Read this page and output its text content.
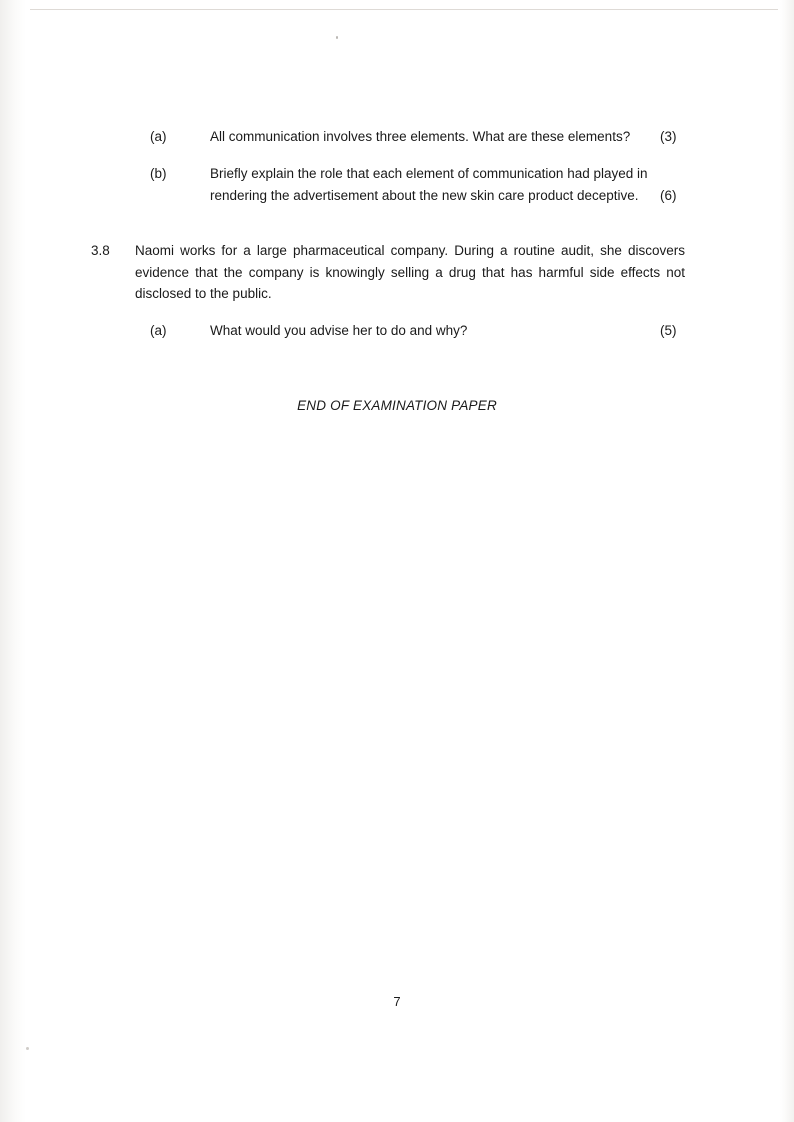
(a)	All communication involves three elements. What are these elements?	(3)
(b)	Briefly explain the role that each element of communication had played in rendering the advertisement about the new skin care product deceptive.	(6)
3.8	Naomi works for a large pharmaceutical company. During a routine audit, she discovers evidence that the company is knowingly selling a drug that has harmful side effects not disclosed to the public.
(a)	What would you advise her to do and why?	(5)
END OF EXAMINATION PAPER
7
